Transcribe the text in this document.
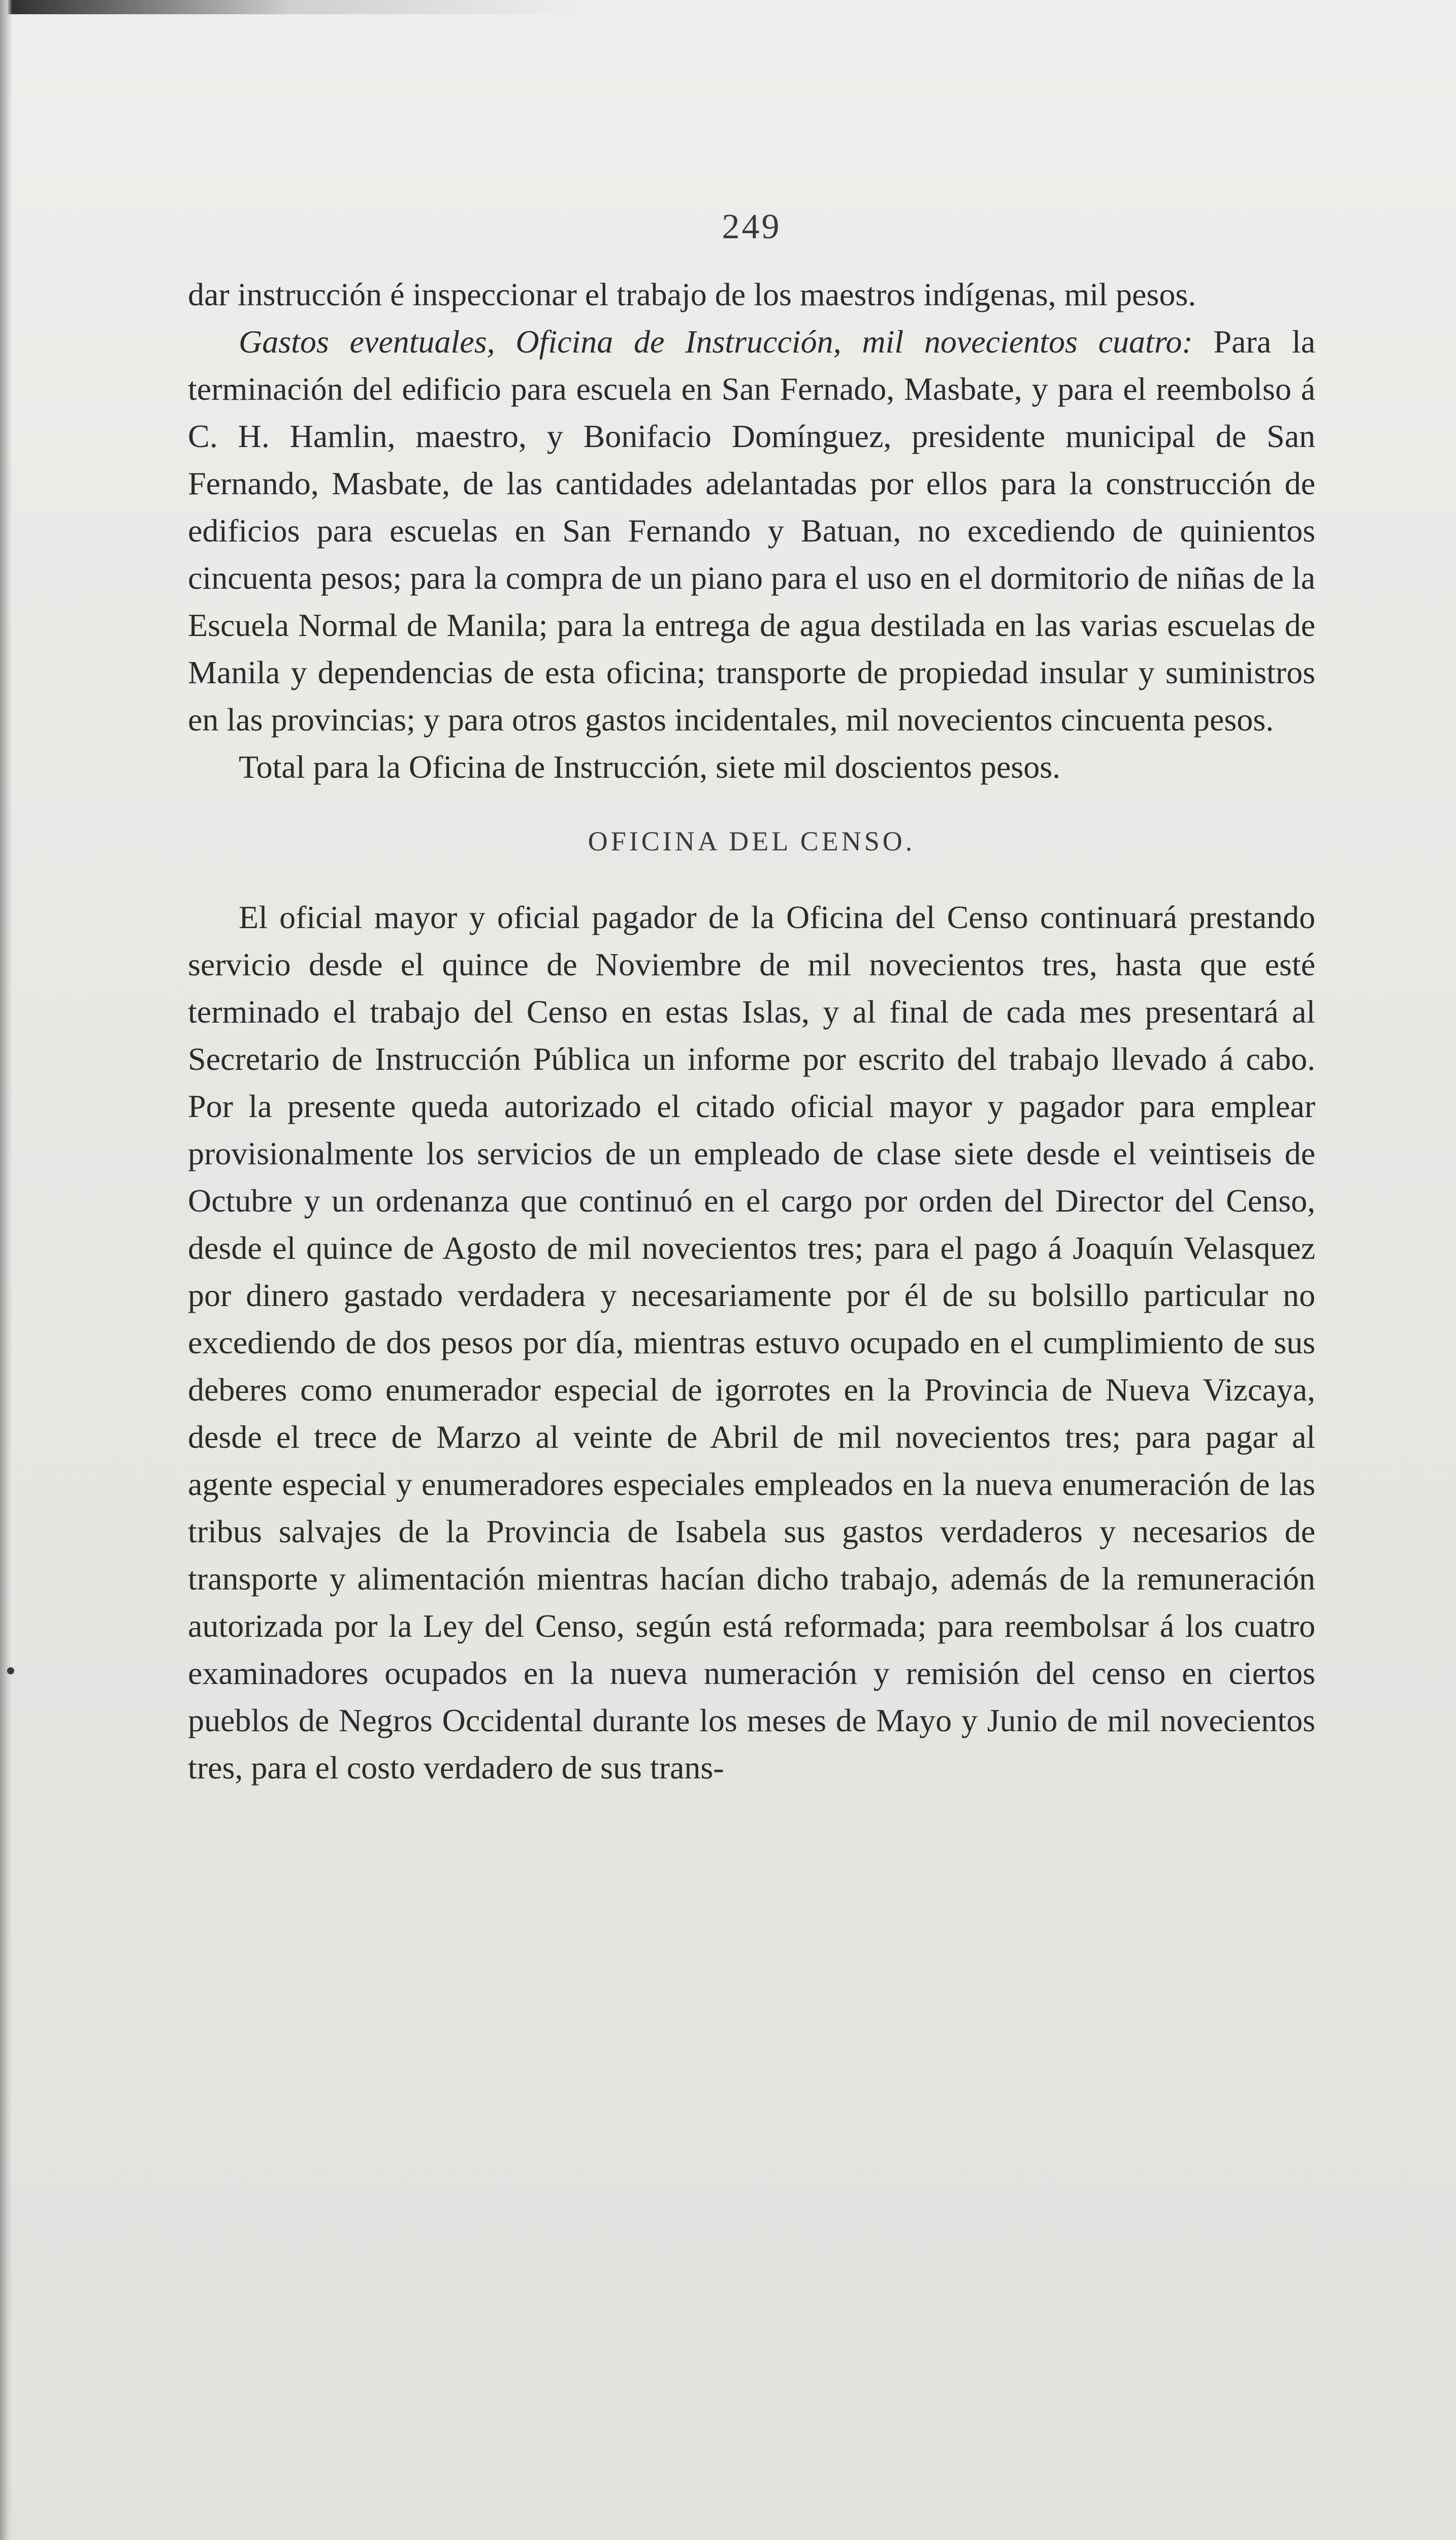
249

dar instrucción é inspeccionar el trabajo de los maestros indígenas, mil pesos.

Gastos eventuales, Oficina de Instrucción, mil novecientos cuatro: Para la terminación del edificio para escuela en San Fernado, Masbate, y para el reembolso á C. H. Hamlin, maestro, y Bonifacio Domínguez, presidente municipal de San Fernando, Masbate, de las cantidades adelantadas por ellos para la construcción de edificios para escuelas en San Fernando y Batuan, no excediendo de quinientos cincuenta pesos; para la compra de un piano para el uso en el dormitorio de niñas de la Escuela Normal de Manila; para la entrega de agua destilada en las varias escuelas de Manila y dependencias de esta oficina; transporte de propiedad insular y suministros en las provincias; y para otros gastos incidentales, mil novecientos cincuenta pesos.

Total para la Oficina de Instrucción, siete mil doscientos pesos.

OFICINA DEL CENSO.

El oficial mayor y oficial pagador de la Oficina del Censo continuará prestando servicio desde el quince de Noviembre de mil novecientos tres, hasta que esté terminado el trabajo del Censo en estas Islas, y al final de cada mes presentará al Secretario de Instrucción Pública un informe por escrito del trabajo llevado á cabo. Por la presente queda autorizado el citado oficial mayor y pagador para emplear provisionalmente los servicios de un empleado de clase siete desde el veintiseis de Octubre y un ordenanza que continuó en el cargo por orden del Director del Censo, desde el quince de Agosto de mil novecientos tres; para el pago á Joaquín Velasquez por dinero gastado verdadera y necesariamente por él de su bolsillo particular no excediendo de dos pesos por día, mientras estuvo ocupado en el cumplimiento de sus deberes como enumerador especial de igorrotes en la Provincia de Nueva Vizcaya, desde el trece de Marzo al veinte de Abril de mil novecientos tres; para pagar al agente especial y enumeradores especiales empleados en la nueva enumeración de las tribus salvajes de la Provincia de Isabela sus gastos verdaderos y necesarios de transporte y alimentación mientras hacían dicho trabajo, además de la remuneración autorizada por la Ley del Censo, según está reformada; para reembolsar á los cuatro examinadores ocupados en la nueva numeración y remisión del censo en ciertos pueblos de Negros Occidental durante los meses de Mayo y Junio de mil novecientos tres, para el costo verdadero de sus trans-
